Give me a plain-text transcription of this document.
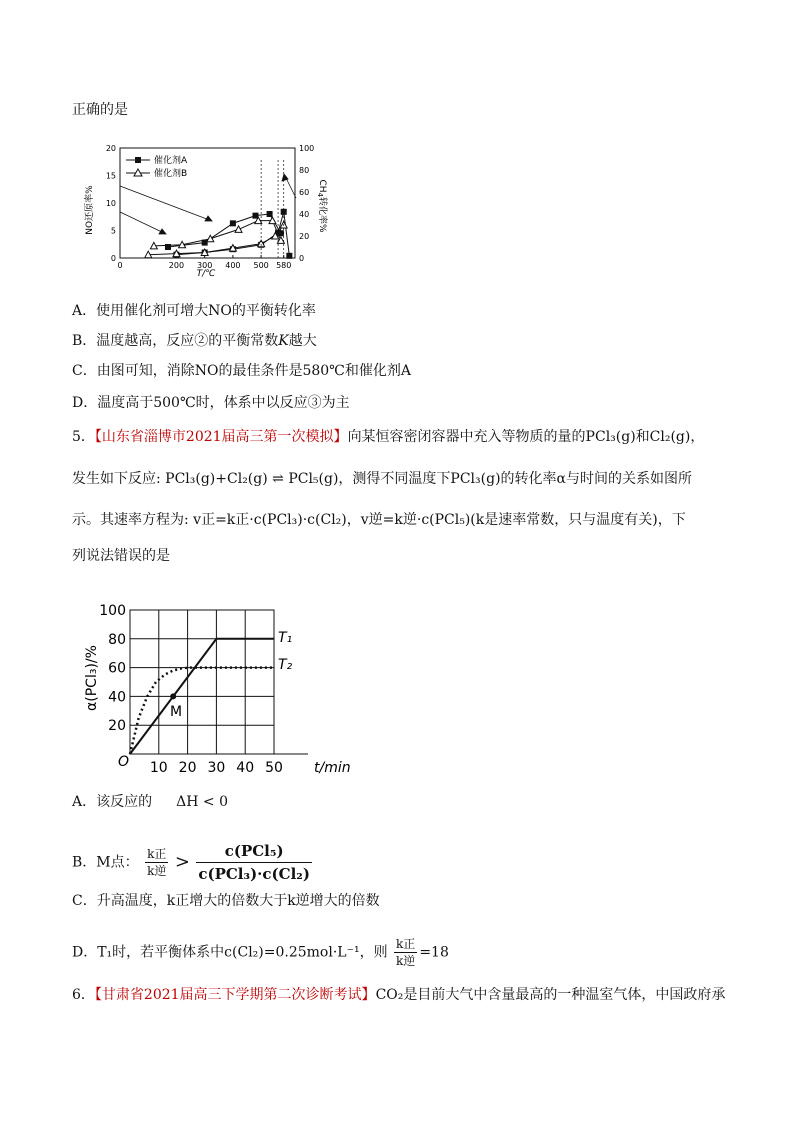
正确的是
0	200 300 400 500 580
0
5
10
15
20
0
20
40
60
80
100
NO还原率%	$CH_4$转化率%
T/℃
催化剂A
催化剂B
A．使用催化剂可增大NO的平衡转化率
B．温度越高，反应②的平衡常数K越大
C．由图可知，消除NO的最佳条件是580℃和催化剂A
D．温度高于500℃时，体系中以反应③为主
5．【山东省淄博市2021届高三第一次模拟】向某恒容密闭容器中充入等物质的量的PCl₃(g)和Cl₂(g)，
发生如下反应: PCl₃(g)+Cl₂(g) ⇌ PCl₅(g)，测得不同温度下PCl₃(g)的转化率α与时间的关系如图所
示。其速率方程为: v正=k正·c(PCl₃)·c(Cl₂)，v逆=k逆·c(PCl₅)(k是速率常数，只与温度有关)，下
列说法错误的是
10 20 30 40 50
20
40
60
80
100
α(PCl₃)/%
O	t/min
T₁
T₂
M
A．该反应的 ΔH < 0
B．M点： $\frac{\text{k正}}{\text{k逆}} > \frac{\text{c(PCl₅)}}{\text{c(PCl₃)·c(Cl₂)}}$
C．升高温度，k正增大的倍数大于k逆增大的倍数
D．T₁时，若平衡体系中c(Cl₂)=0.25mol·L⁻¹，则 $\frac{\text{k正}}{\text{k逆}} =18$
6．【甘肃省2021届高三下学期第二次诊断考试】CO₂是目前大气中含量最高的一种温室气体，中国政府承
